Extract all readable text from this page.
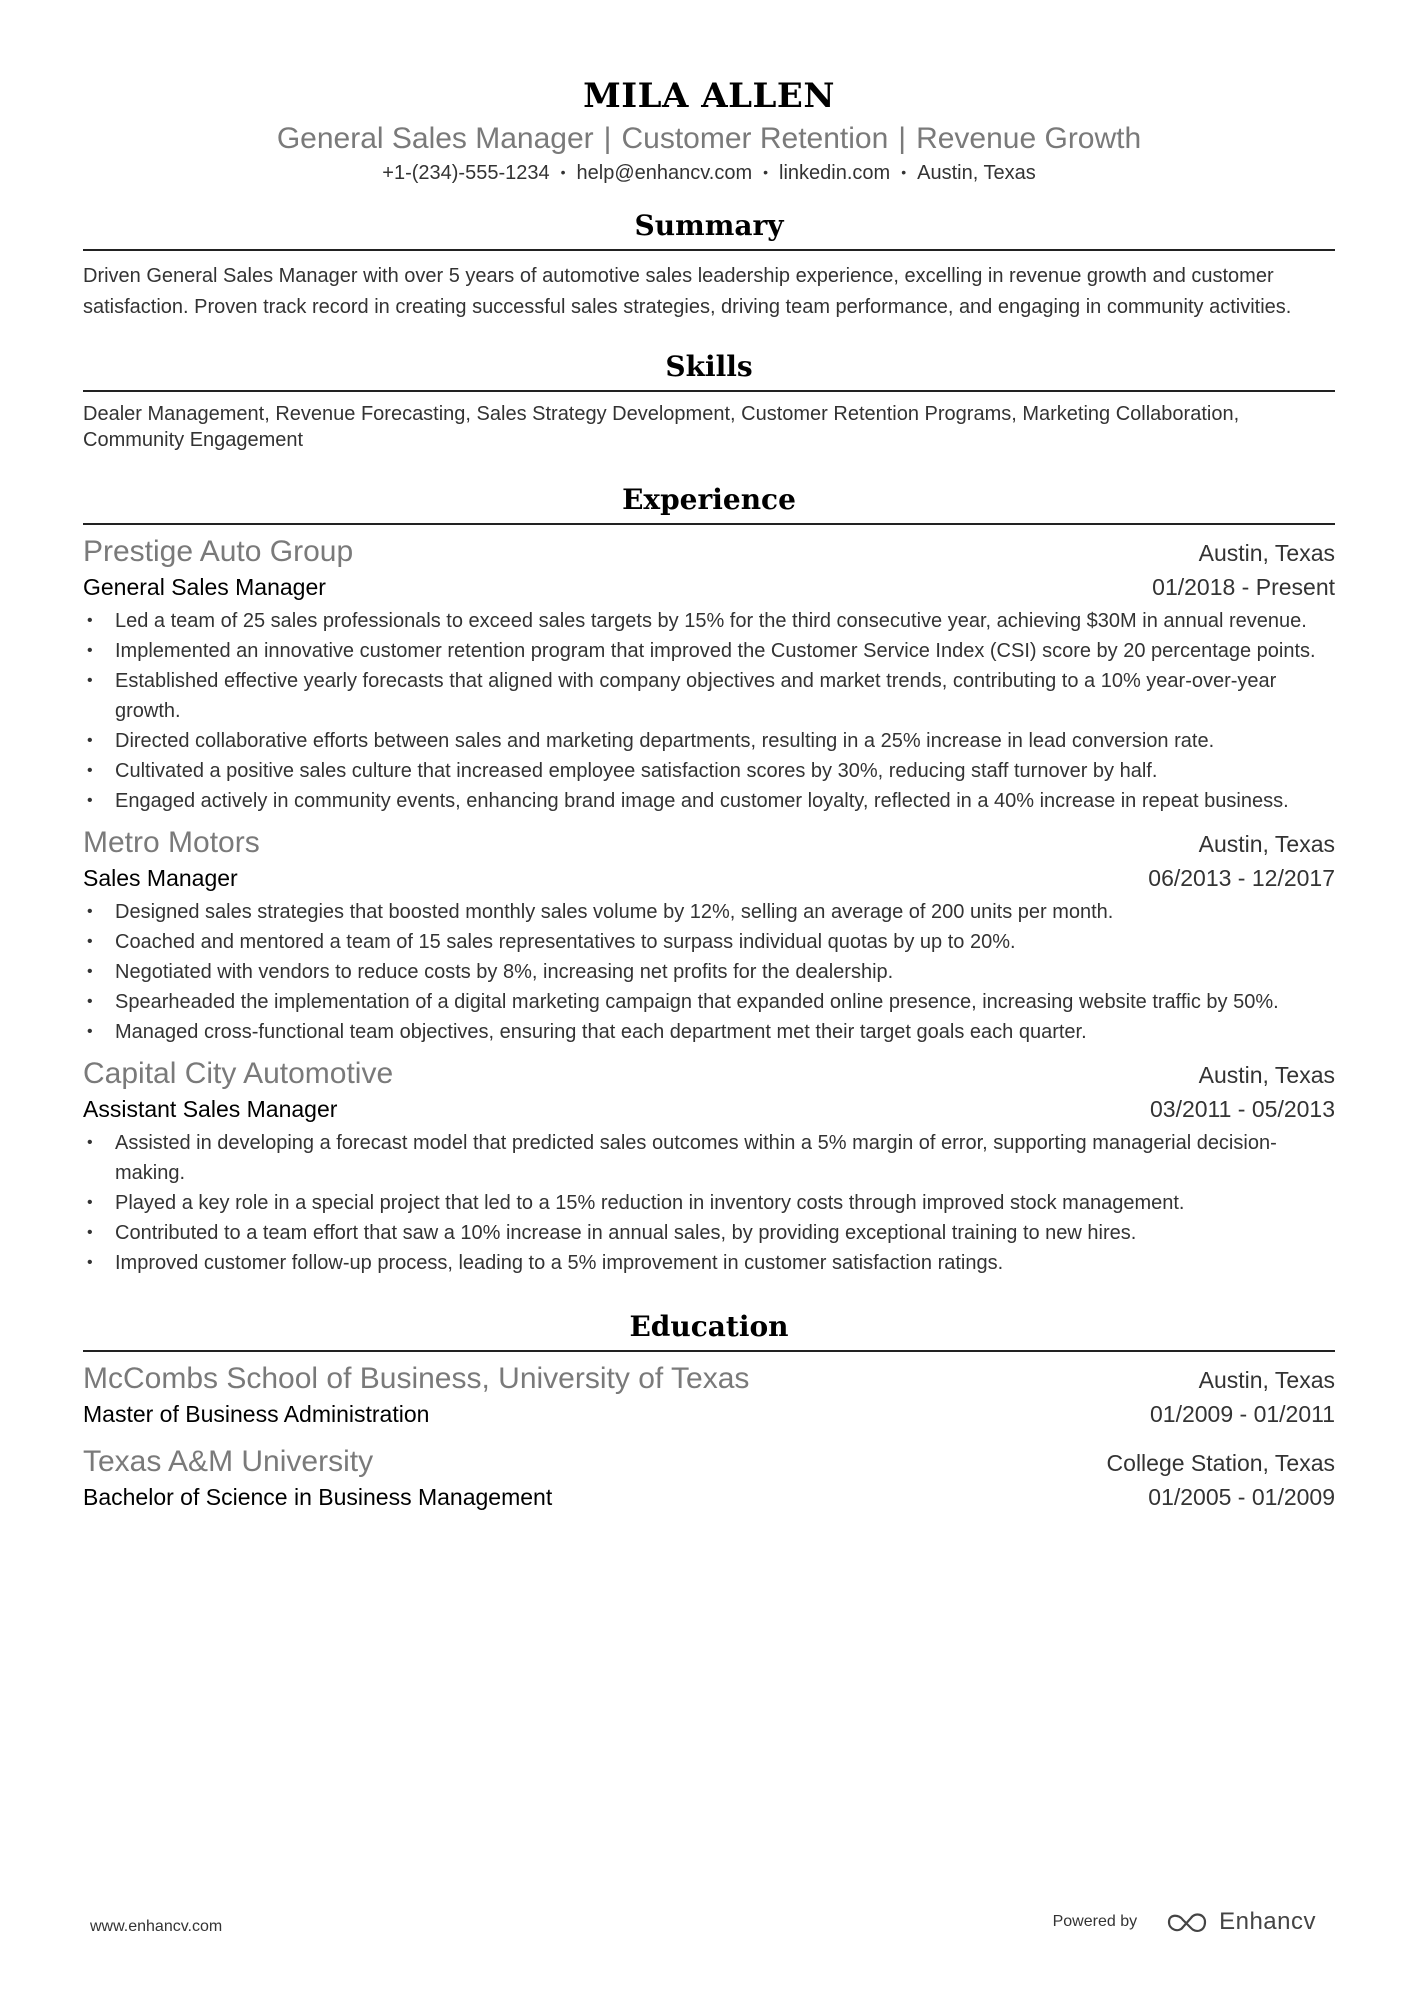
MILA ALLEN
General Sales Manager | Customer Retention | Revenue Growth
+1-(234)-555-1234 • help@enhancv.com • linkedin.com • Austin, Texas
Summary
Driven General Sales Manager with over 5 years of automotive sales leadership experience, excelling in revenue growth and customer satisfaction. Proven track record in creating successful sales strategies, driving team performance, and engaging in community activities.
Skills
Dealer Management, Revenue Forecasting, Sales Strategy Development, Customer Retention Programs, Marketing Collaboration, Community Engagement
Experience
Prestige Auto Group	Austin, Texas
General Sales Manager	01/2018 - Present
• Led a team of 25 sales professionals to exceed sales targets by 15% for the third consecutive year, achieving $30M in annual revenue.
• Implemented an innovative customer retention program that improved the Customer Service Index (CSI) score by 20 percentage points.
• Established effective yearly forecasts that aligned with company objectives and market trends, contributing to a 10% year-over-year growth.
• Directed collaborative efforts between sales and marketing departments, resulting in a 25% increase in lead conversion rate.
• Cultivated a positive sales culture that increased employee satisfaction scores by 30%, reducing staff turnover by half.
• Engaged actively in community events, enhancing brand image and customer loyalty, reflected in a 40% increase in repeat business.
Metro Motors	Austin, Texas
Sales Manager	06/2013 - 12/2017
• Designed sales strategies that boosted monthly sales volume by 12%, selling an average of 200 units per month.
• Coached and mentored a team of 15 sales representatives to surpass individual quotas by up to 20%.
• Negotiated with vendors to reduce costs by 8%, increasing net profits for the dealership.
• Spearheaded the implementation of a digital marketing campaign that expanded online presence, increasing website traffic by 50%.
• Managed cross-functional team objectives, ensuring that each department met their target goals each quarter.
Capital City Automotive	Austin, Texas
Assistant Sales Manager	03/2011 - 05/2013
• Assisted in developing a forecast model that predicted sales outcomes within a 5% margin of error, supporting managerial decision-making.
• Played a key role in a special project that led to a 15% reduction in inventory costs through improved stock management.
• Contributed to a team effort that saw a 10% increase in annual sales, by providing exceptional training to new hires.
• Improved customer follow-up process, leading to a 5% improvement in customer satisfaction ratings.
Education
McCombs School of Business, University of Texas	Austin, Texas
Master of Business Administration	01/2009 - 01/2011
Texas A&M University	College Station, Texas
Bachelor of Science in Business Management	01/2005 - 01/2009
www.enhancv.com	Powered by	Enhancv
